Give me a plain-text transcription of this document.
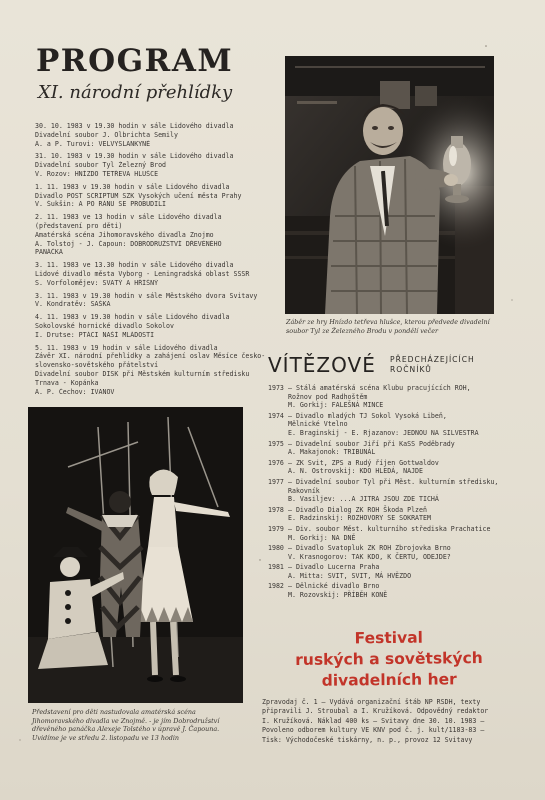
PROGRAM
XI. národní přehlídky
30. 10. 1983 v 19.30 hodin v sále Lidového divadla
Divadelní soubor J. Olbrichta Semily
A. a P. Turovi: VELVYSLANKYNĚ
31. 10. 1983 v 19.30 hodin v sále Lidového divadla
Divadelní soubor Tyl Železný Brod
V. Rozov: HNÍZDO TETŘEVA HLUŠCE
1. 11. 1983 v 19.30 hodin v sále Lidového divadla
Divadlo POST SCRIPTUM SZK Vysokých učení města Prahy
V. Šukšin: A PO RÁNU SE PROBUDILI
2. 11. 1983 ve 13 hodin v sále Lidového divadla
(představení pro děti)
Amatérská scéna Jihomoravského divadla Znojmo
A. Tolstoj - J. Čapoun: DOBRODRUŽSTVÍ DŘEVĚNÉHO
PANÁČKA
3. 11. 1983 ve 13.30 hodin v sále Lidového divadla
Lidové divadlo města Vyborg - Leningradská oblast SSSR
S. Vorfolomějev: SVATÝ A HŘÍŠNÝ
3. 11. 1983 v 19.30 hodin v sále Městského dvora Svitavy
V. Kondratěv: SAŠKA
4. 11. 1983 v 19.30 hodin v sále Lidového divadla
Sokolovské hornické divadlo Sokolov
I. Drutse: PTÁCI NAŠÍ MLÁDOSTI
5. 11. 1983 v 19 hodin v sále Lidového divadla
Závěr XI. národní přehlídky a zahájení oslav Měsíce česko-
slovensko-sovětského přátelství
Divadelní soubor DISK při Městském kulturním středisku
Trnava - Kopánka
A. P. Čechov: IVANOV
Záběr ze hry Hnízdo tetřeva hlušce, kterou předvede divadelní soubor Tyl ze Železného Brodu v pondělí večer
VÍTĚZOVÉ PŘEDCHÁZEJÍCÍCH
ROČNÍKŮ
1973 — Stálá amatérská scéna Klubu pracujících ROH,
Rožnov pod Radhoštěm
M. Gorkij: FALEŠNÁ MINCE
1974 — Divadlo mladých TJ Sokol Vysoká Libeň,
Mělnické Vtelno
E. Braginskij - E. Rjazanov: JEDNOU NA SILVESTRA
1975 — Divadelní soubor Jiří při KaSS Poděbrady
A. Makajonok: TRIBUNÁL
1976 — ZK Svit, ZPS a Rudý říjen Gottwaldov
A. N. Ostrovskij: KDO HLEDÁ, NAJDE
1977 — Divadelní soubor Tyl při Měst. kulturním středisku,
Rakovník
B. Vasiljev: ...A JITRA JSOU ZDE TICHÁ
1978 — Divadlo Dialog ZK ROH Škoda Plzeň
E. Radzinskij: ROZHOVORY SE SOKRATEM
1979 — Div. soubor Měst. kulturního střediska Prachatice
M. Gorkij: NA DNĚ
1980 — Divadlo Svatopluk ZK ROH Zbrojovka Brno
V. Krasnogorov: TAK KDO, K ČERTU, ODEJDE?
1981 — Divadlo Lucerna Praha
A. Mitta: SVIT, SVIT, MÁ HVĚZDO
1982 — Dělnické divadlo Brno
M. Rozovskij: PŘÍBĚH KONĚ
Představení pro děti nastudovala amatérská scéna Jihomoravského divadla ve Znojmě. - je jím Dobrodružství dřevěného panáčka Alexeje Tolstého v úpravě J. Čapouna. Uvidíme je ve středu 2. listopadu ve 13 hodin
Festival
ruských a sovětských
divadelních her
Zpravodaj č. 1 — Vydává organizační štáb NP RSDH, texty
připravili J. Stroubal a I. Kružíková. Odpovědný redaktor
I. Kružíková. Náklad 400 ks — Svitavy dne 30. 10. 1983 —
Povoleno odborem kultury VE KNV pod č. j. kult/1183-83 —
Tisk: Východočeské tiskárny, n. p., provoz 12 Svitavy
